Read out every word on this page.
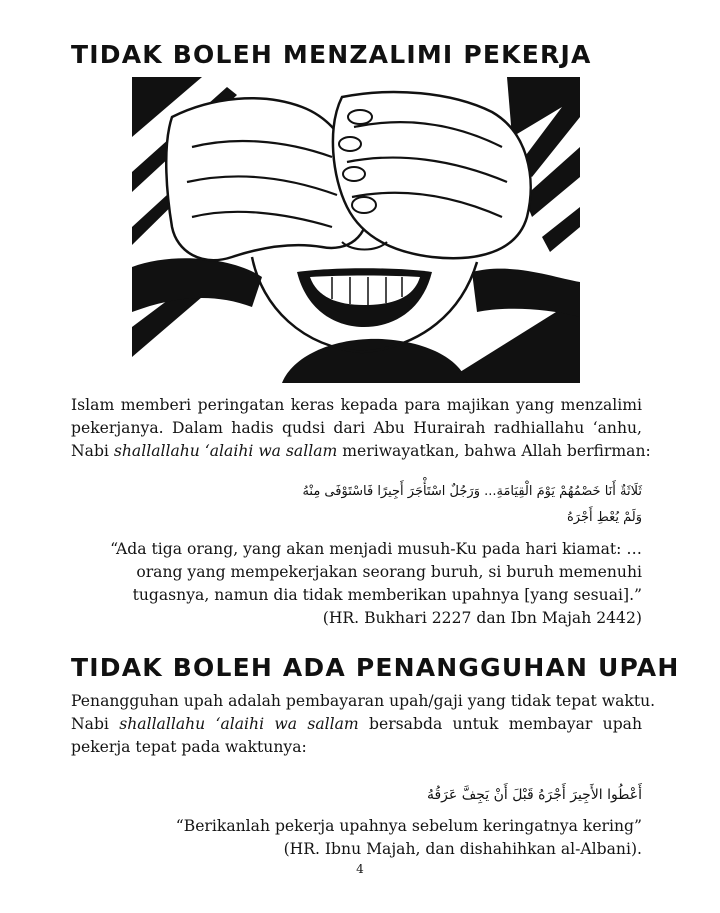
TIDAK BOLEH MENZALIMI PEKERJA
Islam memberi peringatan keras kepada para majikan yang menzalimi
pekerjanya. Dalam hadis qudsi dari Abu Hurairah radhiallahu ‘anhu,
Nabi shallallahu ‘alaihi wa sallam meriwayatkan, bahwa Allah berfirman:
ثَلَاثَةٌ أَنَا خَصْمُهُمْ يَوْمَ الْقِيَامَةِ... وَرَجُلٌ اسْتَأْجَرَ أَجِيرًا فَاسْتَوْفَى مِنْهُ
وَلَمْ يُعْطِ أَجْرَهُ
“Ada tiga orang, yang akan menjadi musuh-Ku pada hari kiamat: …
orang yang mempekerjakan seorang buruh, si buruh memenuhi
tugasnya, namun dia tidak memberikan upahnya [yang sesuai].”
(HR. Bukhari 2227 dan Ibn Majah 2442)
TIDAK BOLEH ADA PENANGGUHAN UPAH
Penangguhan upah adalah pembayaran upah/gaji yang tidak tepat waktu.
Nabi shallallahu ‘alaihi wa sallam bersabda untuk membayar upah
pekerja tepat pada waktunya:
أَعْطُوا الأَجِيرَ أَجْرَهُ قَبْلَ أَنْ يَجِفَّ عَرَقُهُ
“Berikanlah pekerja upahnya sebelum keringatnya kering”
(HR. Ibnu Majah, dan dishahihkan al-Albani).
4
